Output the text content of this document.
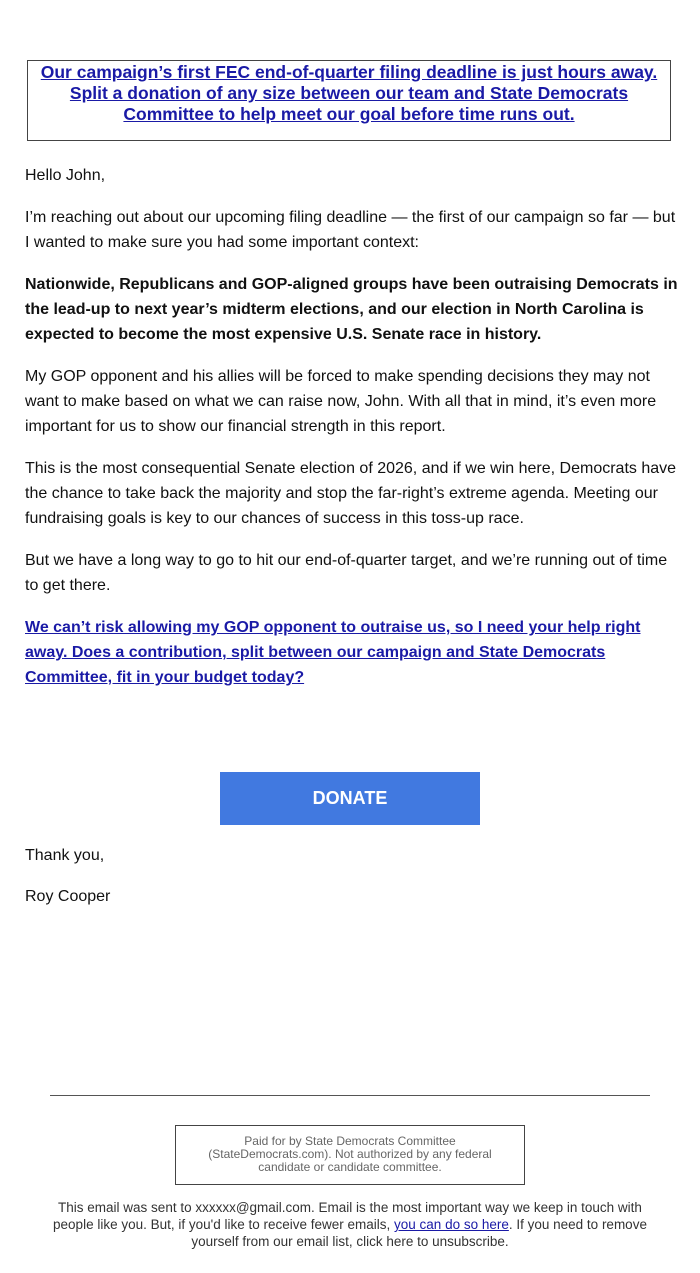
Our campaign’s first FEC end-of-quarter filing deadline is just hours away. Split a donation of any size between our team and State Democrats Committee to help meet our goal before time runs out.

Hello John,

I’m reaching out about our upcoming filing deadline — the first of our campaign so far — but I wanted to make sure you had some important context:

Nationwide, Republicans and GOP-aligned groups have been outraising Democrats in the lead-up to next year’s midterm elections, and our election in North Carolina is expected to become the most expensive U.S. Senate race in history.

My GOP opponent and his allies will be forced to make spending decisions they may not want to make based on what we can raise now, John. With all that in mind, it’s even more important for us to show our financial strength in this report.

This is the most consequential Senate election of 2026, and if we win here, Democrats have the chance to take back the majority and stop the far-right’s extreme agenda. Meeting our fundraising goals is key to our chances of success in this toss-up race.

But we have a long way to go to hit our end-of-quarter target, and we’re running out of time to get there.

We can’t risk allowing my GOP opponent to outraise us, so I need your help right away. Does a contribution, split between our campaign and State Democrats Committee, fit in your budget today?

DONATE
Thank you,
Roy Cooper
Paid for by State Democrats Committee (StateDemocrats.com). Not authorized by any federal candidate or candidate committee.
This email was sent to xxxxxx@gmail.com. Email is the most important way we keep in touch with people like you. But, if you'd like to receive fewer emails, you can do so here. If you need to remove yourself from our email list, click here to unsubscribe.
